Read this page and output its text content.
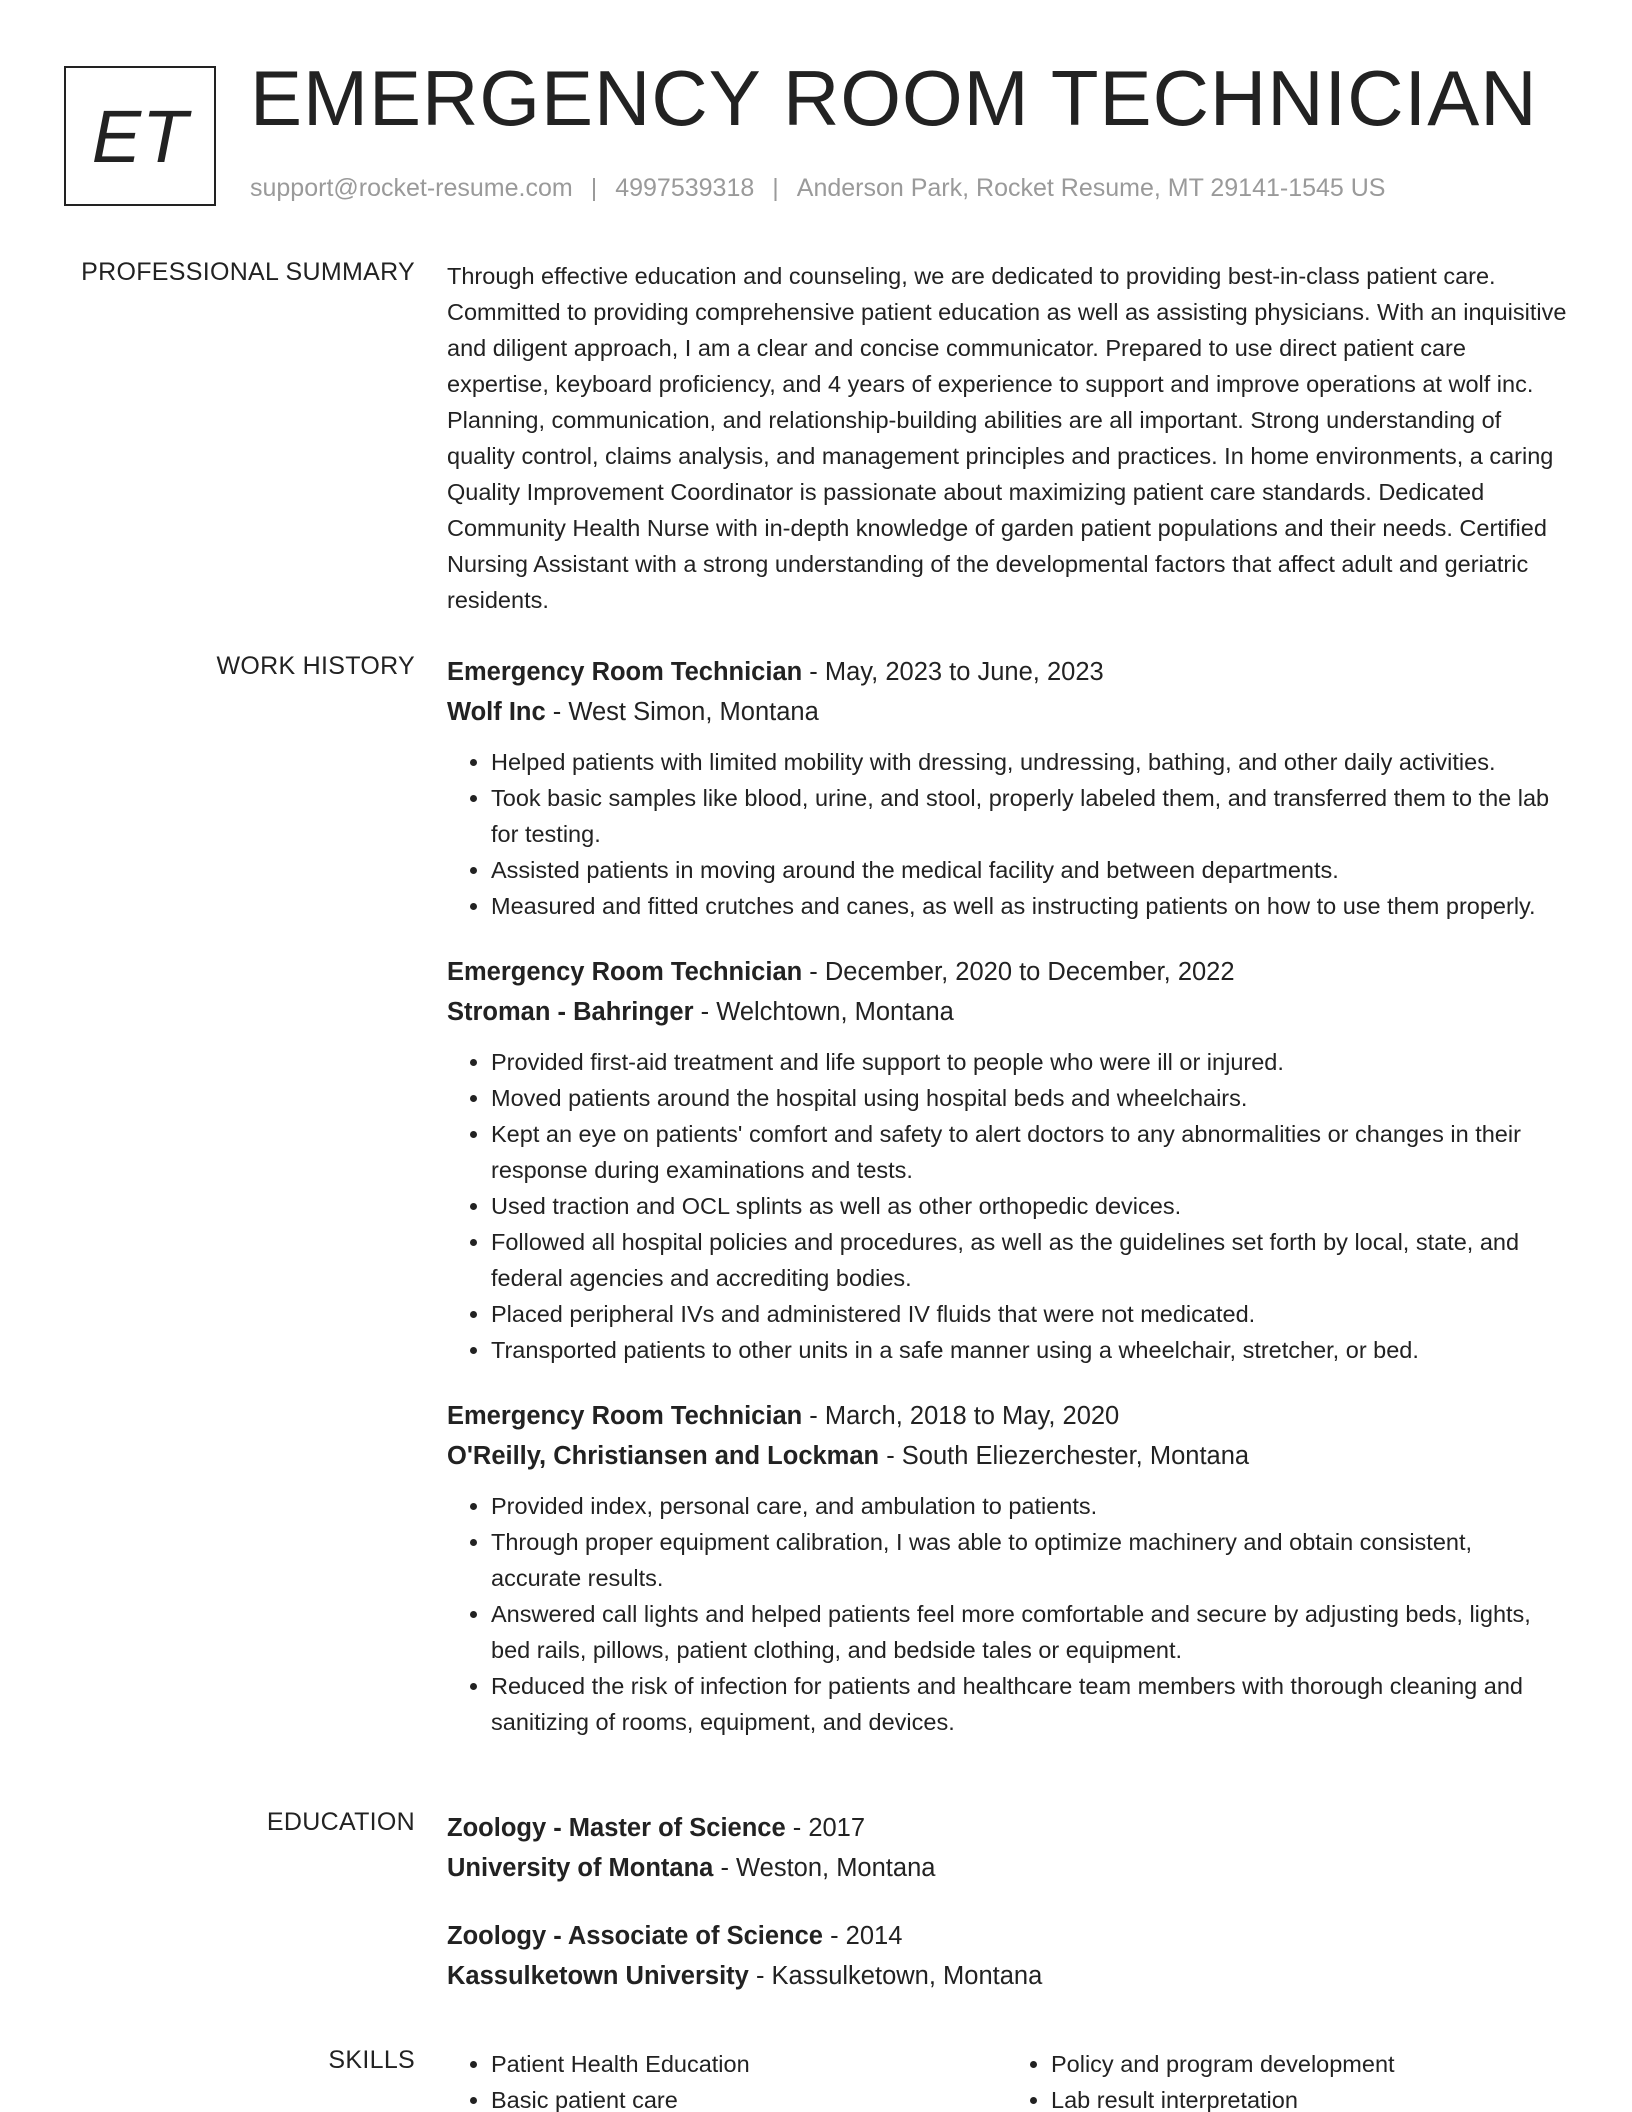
ET EMERGENCY ROOM TECHNICIAN
support@rocket-resume.com | 4997539318 | Anderson Park, Rocket Resume, MT 29141-1545 US
PROFESSIONAL SUMMARY Through effective education and counseling, we are dedicated to providing best-in-class patient care. Committed to providing comprehensive patient education as well as assisting physicians. With an inquisitive and diligent approach, I am a clear and concise communicator. Prepared to use direct patient care expertise, keyboard proficiency, and 4 years of experience to support and improve operations at wolf inc. Planning, communication, and relationship-building abilities are all important. Strong understanding of quality control, claims analysis, and management principles and practices. In home environments, a caring Quality Improvement Coordinator is passionate about maximizing patient care standards. Dedicated Community Health Nurse with in-depth knowledge of garden patient populations and their needs. Certified Nursing Assistant with a strong understanding of the developmental factors that affect adult and geriatric residents.

WORK HISTORY Emergency Room Technician - May, 2023 to June, 2023
Wolf Inc - West Simon, Montana
• Helped patients with limited mobility with dressing, undressing, bathing, and other daily activities.
• Took basic samples like blood, urine, and stool, properly labeled them, and transferred them to the lab for testing.
• Assisted patients in moving around the medical facility and between departments.
• Measured and fitted crutches and canes, as well as instructing patients on how to use them properly.
Emergency Room Technician - December, 2020 to December, 2022
Stroman - Bahringer - Welchtown, Montana
• Provided first-aid treatment and life support to people who were ill or injured.
• Moved patients around the hospital using hospital beds and wheelchairs.
• Kept an eye on patients' comfort and safety to alert doctors to any abnormalities or changes in their response during examinations and tests.
• Used traction and OCL splints as well as other orthopedic devices.
• Followed all hospital policies and procedures, as well as the guidelines set forth by local, state, and federal agencies and accrediting bodies.
• Placed peripheral IVs and administered IV fluids that were not medicated.
• Transported patients to other units in a safe manner using a wheelchair, stretcher, or bed.
Emergency Room Technician - March, 2018 to May, 2020
O'Reilly, Christiansen and Lockman - South Eliezerchester, Montana
• Provided index, personal care, and ambulation to patients.
• Through proper equipment calibration, I was able to optimize machinery and obtain consistent, accurate results.
• Answered call lights and helped patients feel more comfortable and secure by adjusting beds, lights, bed rails, pillows, patient clothing, and bedside tales or equipment.
• Reduced the risk of infection for patients and healthcare team members with thorough cleaning and sanitizing of rooms, equipment, and devices.
EDUCATION Zoology - Master of Science - 2017
University of Montana - Weston, Montana
Zoology - Associate of Science - 2014
Kassulketown University - Kassulketown, Montana
SKILLS
•	Patient Health Education
• Basic patient care
• Policy and program development
• Lab result interpretation
